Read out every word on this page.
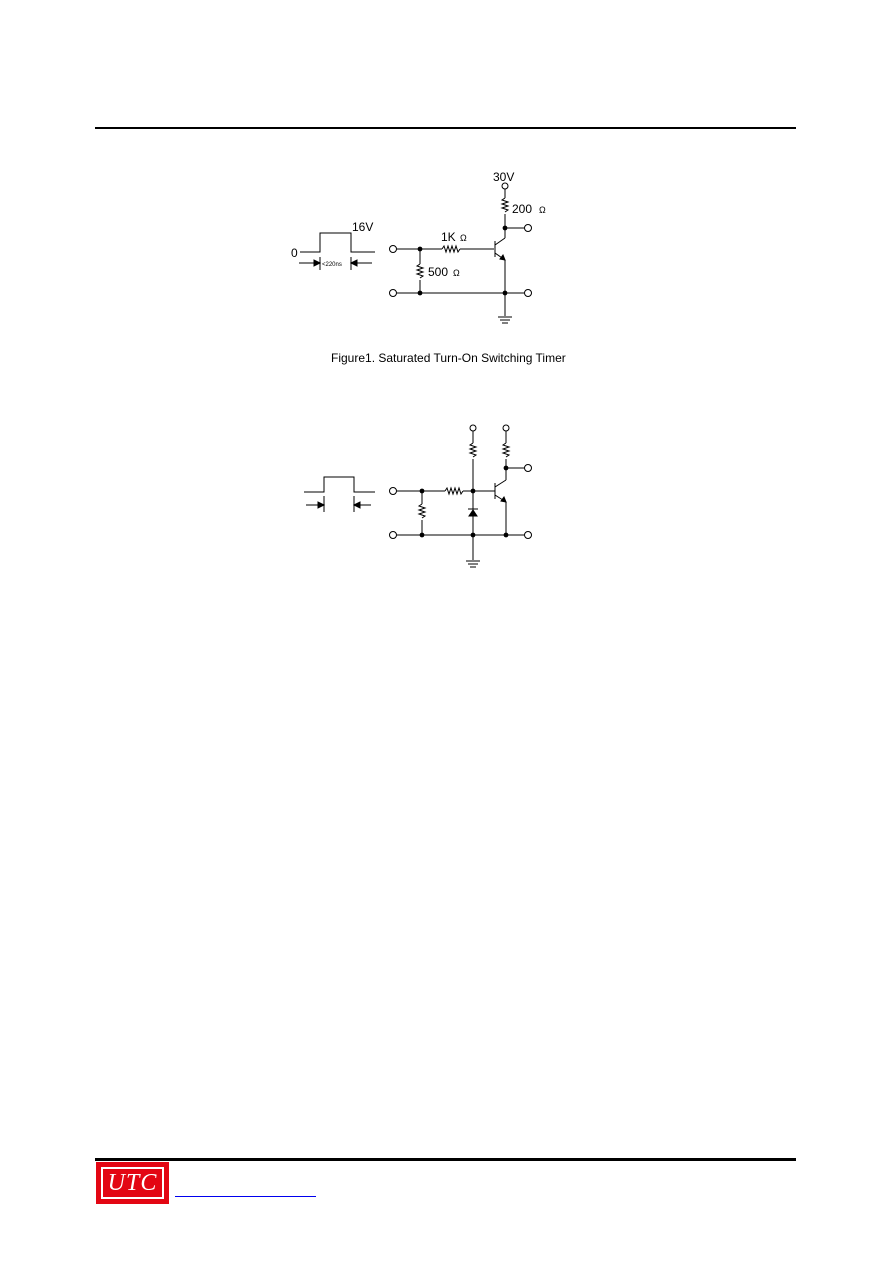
30V
200 Ω
1K Ω
500 Ω
16V
0
<220ns
Figure1. Saturated Turn-On Switching Timer
UTC
